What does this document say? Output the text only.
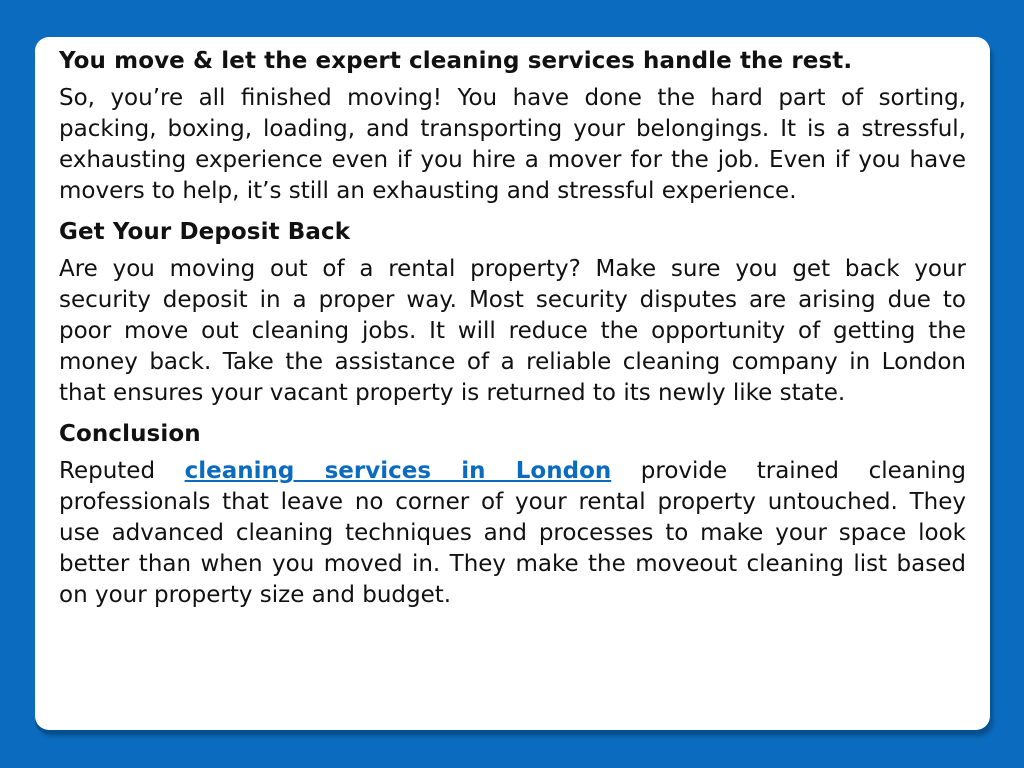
You move & let the expert cleaning services handle the rest.

So, you’re all finished moving! You have done the hard part of sorting, packing, boxing, loading, and transporting your belongings. It is a stressful, exhausting experience even if you hire a mover for the job. Even if you have movers to help, it’s still an exhausting and stressful experience.

Get Your Deposit Back

Are you moving out of a rental property? Make sure you get back your security deposit in a proper way. Most security disputes are arising due to poor move out cleaning jobs. It will reduce the opportunity of getting the money back. Take the assistance of a reliable cleaning company in London that ensures your vacant property is returned to its newly like state.

Conclusion

Reputed cleaning services in London provide trained cleaning professionals that leave no corner of your rental property untouched. They use advanced cleaning techniques and processes to make your space look better than when you moved in. They make the moveout cleaning list based on your property size and budget.
